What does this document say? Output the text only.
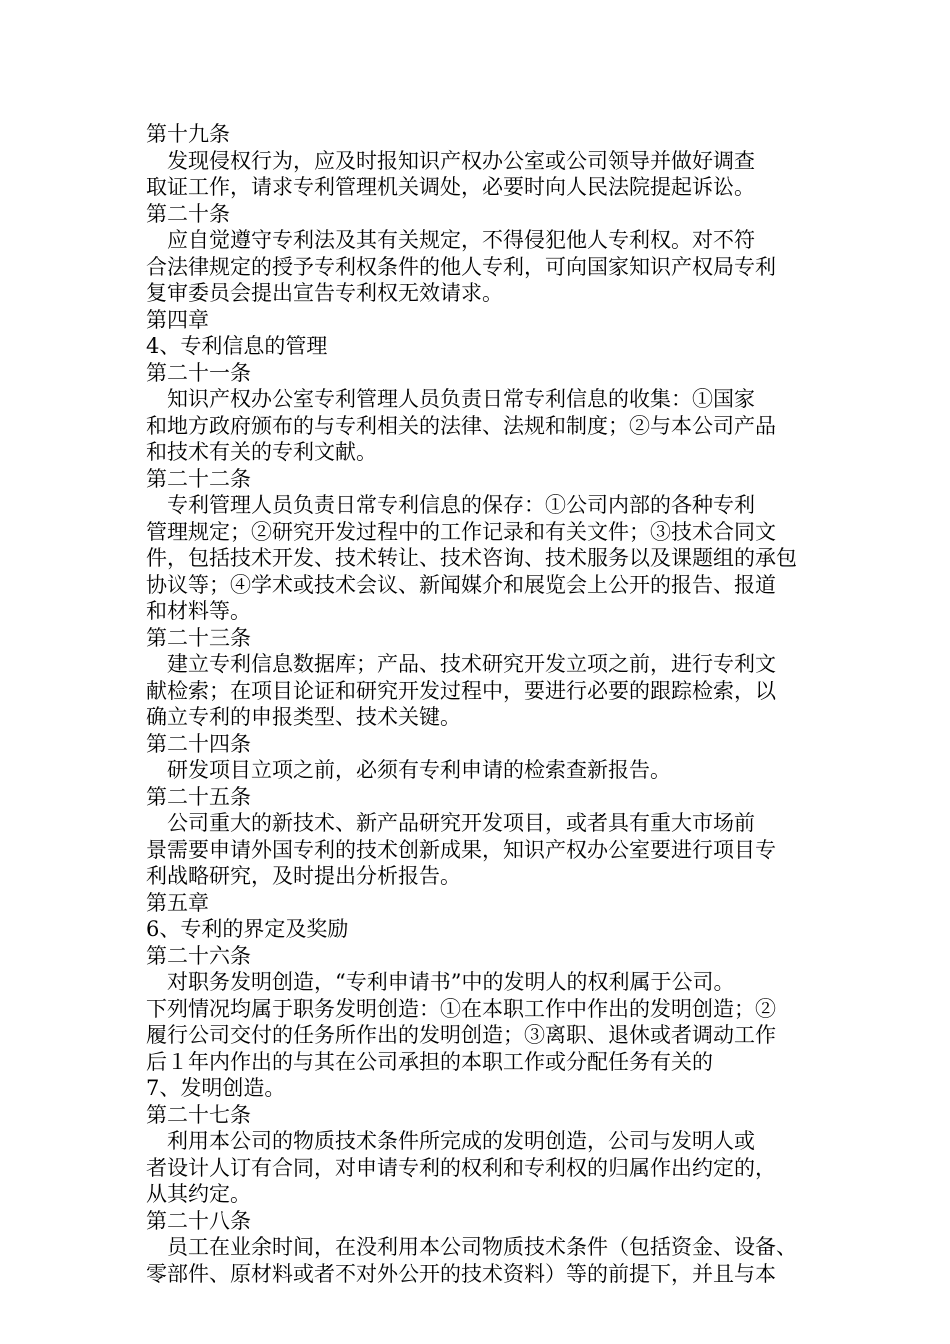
第十九条
　发现侵权行为，应及时报知识产权办公室或公司领导并做好调查
取证工作，请求专利管理机关调处，必要时向人民法院提起诉讼。
第二十条
　应自觉遵守专利法及其有关规定，不得侵犯他人专利权。对不符
合法律规定的授予专利权条件的他人专利，可向国家知识产权局专利
复审委员会提出宣告专利权无效请求。
第四章
4、专利信息的管理
第二十一条
　知识产权办公室专利管理人员负责日常专利信息的收集：①国家
和地方政府颁布的与专利相关的法律、法规和制度；②与本公司产品
和技术有关的专利文献。
第二十二条
　专利管理人员负责日常专利信息的保存：①公司内部的各种专利
管理规定；②研究开发过程中的工作记录和有关文件；③技术合同文
件，包括技术开发、技术转让、技术咨询、技术服务以及课题组的承包
协议等；④学术或技术会议、新闻媒介和展览会上公开的报告、报道
和材料等。
第二十三条
　建立专利信息数据库；产品、技术研究开发立项之前，进行专利文
献检索；在项目论证和研究开发过程中，要进行必要的跟踪检索，以
确立专利的申报类型、技术关键。
第二十四条
　研发项目立项之前，必须有专利申请的检索查新报告。
第二十五条
　公司重大的新技术、新产品研究开发项目，或者具有重大市场前
景需要申请外国专利的技术创新成果，知识产权办公室要进行项目专
利战略研究，及时提出分析报告。
第五章
6、专利的界定及奖励
第二十六条
　对职务发明创造，“专利申请书”中的发明人的权利属于公司。
下列情况均属于职务发明创造：①在本职工作中作出的发明创造；②
履行公司交付的任务所作出的发明创造；③离职、退休或者调动工作
后１年内作出的与其在公司承担的本职工作或分配任务有关的
7、发明创造。
第二十七条
　利用本公司的物质技术条件所完成的发明创造，公司与发明人或
者设计人订有合同，对申请专利的权利和专利权的归属作出约定的，
从其约定。
第二十八条
　员工在业余时间，在没利用本公司物质技术条件（包括资金、设备、
零部件、原材料或者不对外公开的技术资料）等的前提下，并且与本
